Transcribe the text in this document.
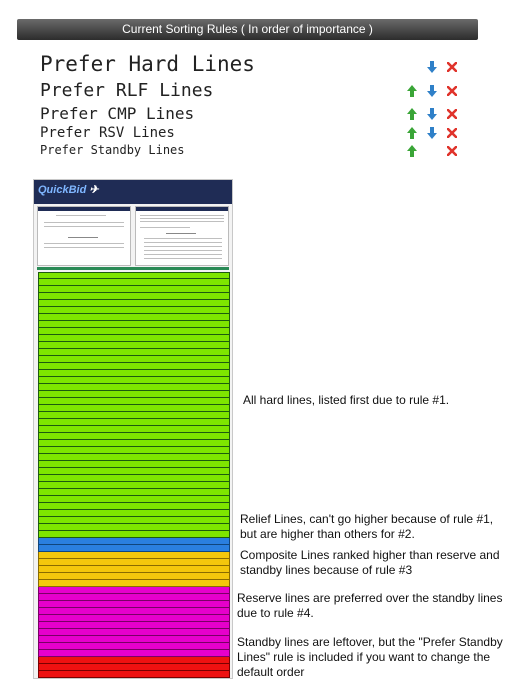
Current Sorting Rules ( In order of importance )
Prefer Hard Lines
Prefer RLF Lines
Prefer CMP Lines
Prefer RSV Lines
Prefer Standby Lines
QuickBid ✈
All hard lines, listed first due to rule #1.
Relief Lines, can't go higher because of rule #1, but are higher than others for #2.
Composite Lines ranked higher than reserve and standby lines because of rule #3
Reserve lines are preferred over the standby lines due to rule #4.
Standby lines are leftover, but the "Prefer Standby Lines" rule is included if you want to change the default order
